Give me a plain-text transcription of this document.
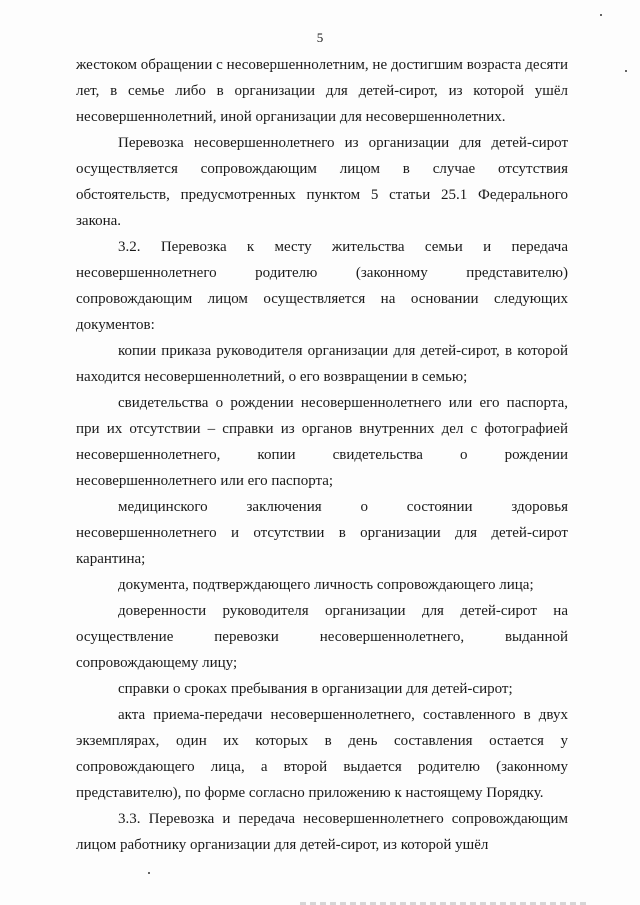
5

жестоком обращении с несовершеннолетним, не достигшим возраста десяти лет, в семье либо в организации для детей-сирот, из которой ушёл несовершеннолетний, иной организации для несовершеннолетних.

Перевозка несовершеннолетнего из организации для детей-сирот осуществляется сопровождающим лицом в случае отсутствия обстоятельств, предусмотренных пунктом 5 статьи 25.1 Федерального закона.

3.2. Перевозка к месту жительства семьи и передача несовершеннолетнего родителю (законному представителю) сопровождающим лицом осуществляется на основании следующих документов:

копии приказа руководителя организации для детей-сирот, в которой находится несовершеннолетний, о его возвращении в семью;

свидетельства о рождении несовершеннолетнего или его паспорта, при их отсутствии – справки из органов внутренних дел с фотографией несовершеннолетнего, копии свидетельства о рождении несовершеннолетнего или его паспорта;

медицинского заключения о состоянии здоровья несовершеннолетнего и отсутствии в организации для детей-сирот карантина;

документа, подтверждающего личность сопровождающего лица;

доверенности руководителя организации для детей-сирот на осуществление перевозки несовершеннолетнего, выданной сопровождающему лицу;

справки о сроках пребывания в организации для детей-сирот;

акта приема-передачи несовершеннолетнего, составленного в двух экземплярах, один их которых в день составления остается у сопровождающего лица, а второй выдается родителю (законному представителю), по форме согласно приложению к настоящему Порядку.

3.3. Перевозка и передача несовершеннолетнего сопровождающим лицом работнику организации для детей-сирот, из которой ушёл
